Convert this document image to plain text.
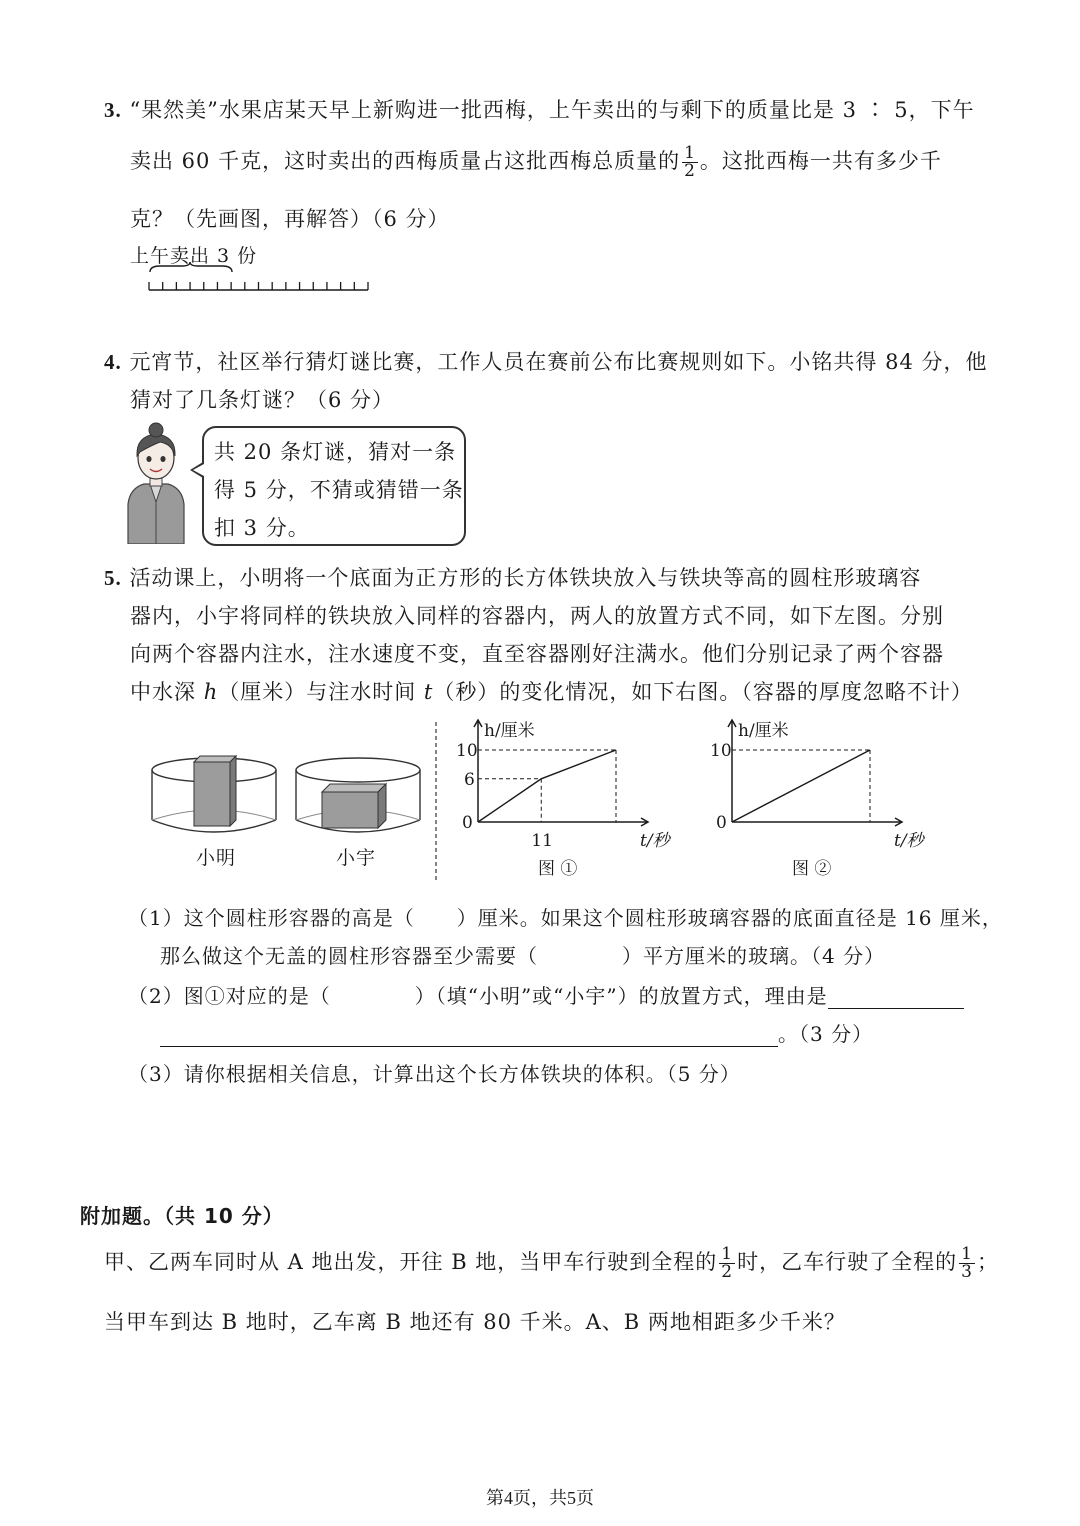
3. “果然美”水果店某天早上新购进一批西梅，上午卖出的与剩下的质量比是 3 ∶ 5，下午
卖出 60 千克，这时卖出的西梅质量占这批西梅总质量的 $\frac{1}{2}$ 。这批西梅一共有多少千
克？（先画图，再解答）（6 分）
上午卖出 3 份
4. 元宵节，社区举行猜灯谜比赛，工作人员在赛前公布比赛规则如下。小铭共得 84 分，他
猜对了几条灯谜？（6 分）
共 20 条灯谜，猜对一条
得 5 分，不猜或猜错一条
扣 3 分。
5. 活动课上，小明将一个底面为正方形的长方体铁块放入与铁块等高的圆柱形玻璃容
器内，小宇将同样的铁块放入同样的容器内，两人的放置方式不同，如下左图。分别
向两个容器内注水，注水速度不变，直至容器刚好注满水。他们分别记录了两个容器
中水深 h（厘米）与注水时间 t（秒）的变化情况，如下右图。（容器的厚度忽略不计）
小明	小宇
h/厘米
t/秒
0
6
10
11
图 ①
h/厘米
t/秒
0
10
图 ②
（1）这个圆柱形容器的高是（　　）厘米。如果这个圆柱形玻璃容器的底面直径是 16 厘米，
那么做这个无盖的圆柱形容器至少需要（　　　　）平方厘米的玻璃。（4 分）
（2）图①对应的是（　　　　）（填“小明”或“小宇”）的放置方式，理由是
。（3 分）
（3）请你根据相关信息，计算出这个长方体铁块的体积。（5 分）
附加题。（共 10 分）
甲、乙两车同时从 A 地出发，开往 B 地，当甲车行驶到全程的 $\frac{1}{2}$ 时，乙车行驶了全程的 $\frac{1}{3}$ ；
当甲车到达 B 地时，乙车离 B 地还有 80 千米。A、B 两地相距多少千米？
第4页，共5页
